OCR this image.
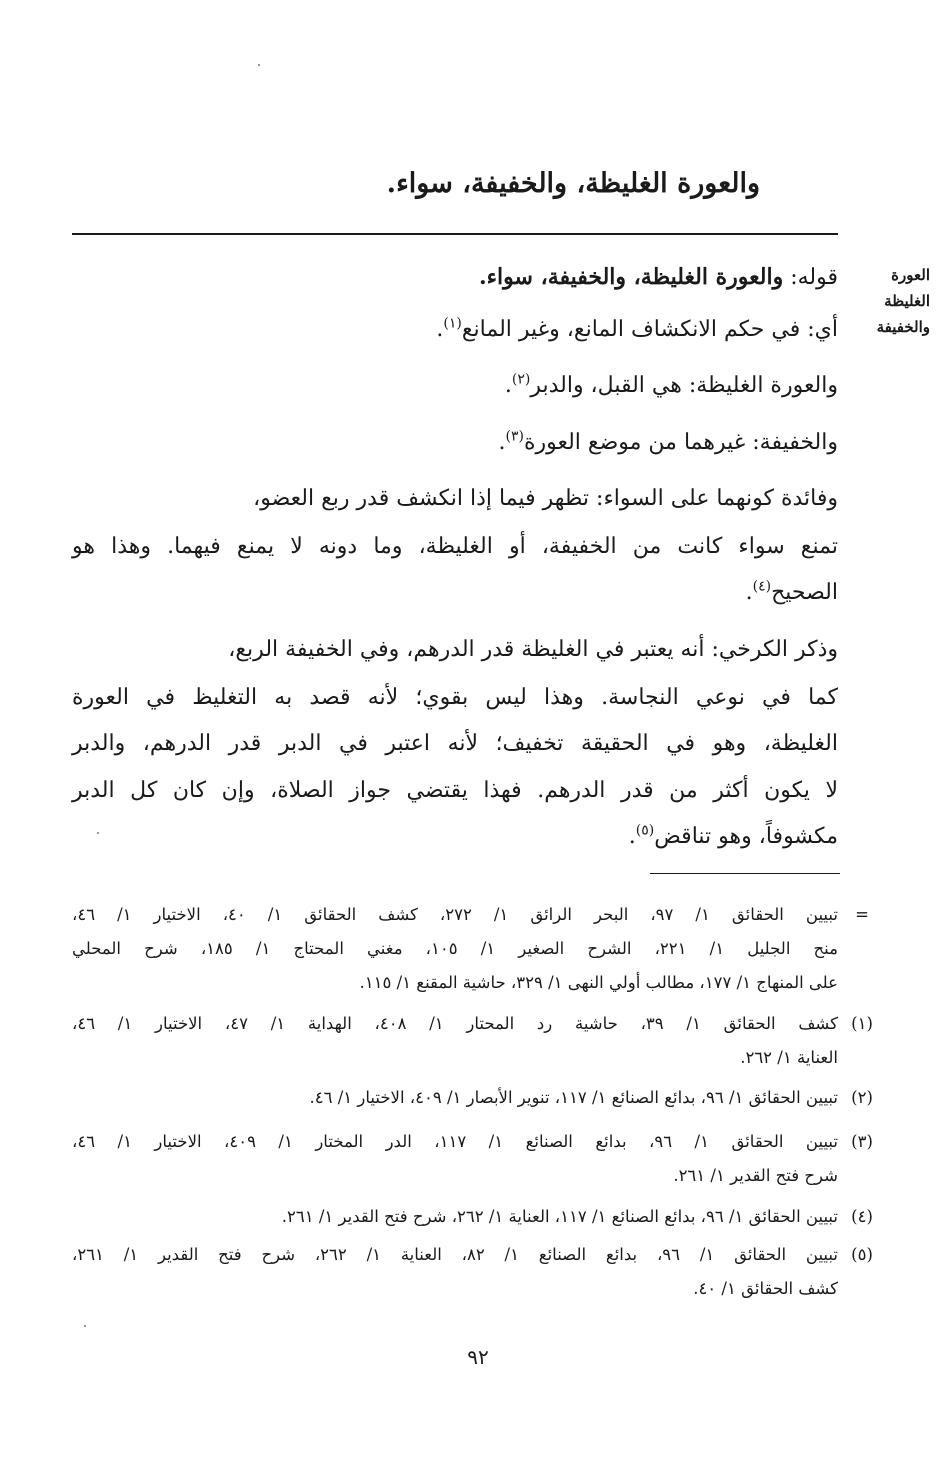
والعورة الغليظة، والخفيفة، سواء.
العورة
الغليظة
والخفيفة
قوله: والعورة الغليظة، والخفيفة، سواء.
أي: في حكم الانكشاف المانع، وغير المانع$^{(١)}$.
والعورة الغليظة: هي القبل، والدبر$^{(٢)}$.
والخفيفة: غيرهما من موضع العورة$^{(٣)}$.
وفائدة كونهما على السواء: تظهر فيما إذا انكشف قدر ربع العضو،
تمنع سواء كانت من الخفيفة، أو الغليظة، وما دونه لا يمنع فيهما. وهذا هو
الصحيح$^{(٤)}$.
وذكر الكرخي: أنه يعتبر في الغليظة قدر الدرهم، وفي الخفيفة الربع،
كما في نوعي النجاسة. وهذا ليس بقوي؛ لأنه قصد به التغليظ في العورة
الغليظة، وهو في الحقيقة تخفيف؛ لأنه اعتبر في الدبر قدر الدرهم، والدبر
لا يكون أكثر من قدر الدرهم. فهذا يقتضي جواز الصلاة، وإن كان كل الدبر
مكشوفاً، وهو تناقض$^{(٥)}$.
=
تبيين الحقائق ١/ ٩٧، البحر الرائق ١/ ٢٧٢، كشف الحقائق ١/ ٤٠، الاختيار ١/ ٤٦،
منح الجليل ١/ ٢٢١، الشرح الصغير ١/ ١٠٥، مغني المحتاج ١/ ١٨٥، شرح المحلي
على المنهاج ١/ ١٧٧، مطالب أولي النهى ١/ ٣٢٩، حاشية المقنع ١/ ١١٥.
(١)
كشف الحقائق ١/ ٣٩، حاشية رد المحتار ١/ ٤٠٨، الهداية ١/ ٤٧، الاختيار ١/ ٤٦،
العناية ١/ ٢٦٢.
(٢)
تبيين الحقائق ١/ ٩٦، بدائع الصنائع ١/ ١١٧، تنوير الأبصار ١/ ٤٠٩، الاختيار ١/ ٤٦.
(٣)
تبيين الحقائق ١/ ٩٦، بدائع الصنائع ١/ ١١٧، الدر المختار ١/ ٤٠٩، الاختيار ١/ ٤٦،
شرح فتح القدير ١/ ٢٦١.
(٤)
تبيين الحقائق ١/ ٩٦، بدائع الصنائع ١/ ١١٧، العناية ١/ ٢٦٢، شرح فتح القدير ١/ ٢٦١.
(٥)
تبيين الحقائق ١/ ٩٦، بدائع الصنائع ١/ ٨٢، العناية ١/ ٢٦٢، شرح فتح القدير ١/ ٢٦١،
كشف الحقائق ١/ ٤٠.
٩٢
